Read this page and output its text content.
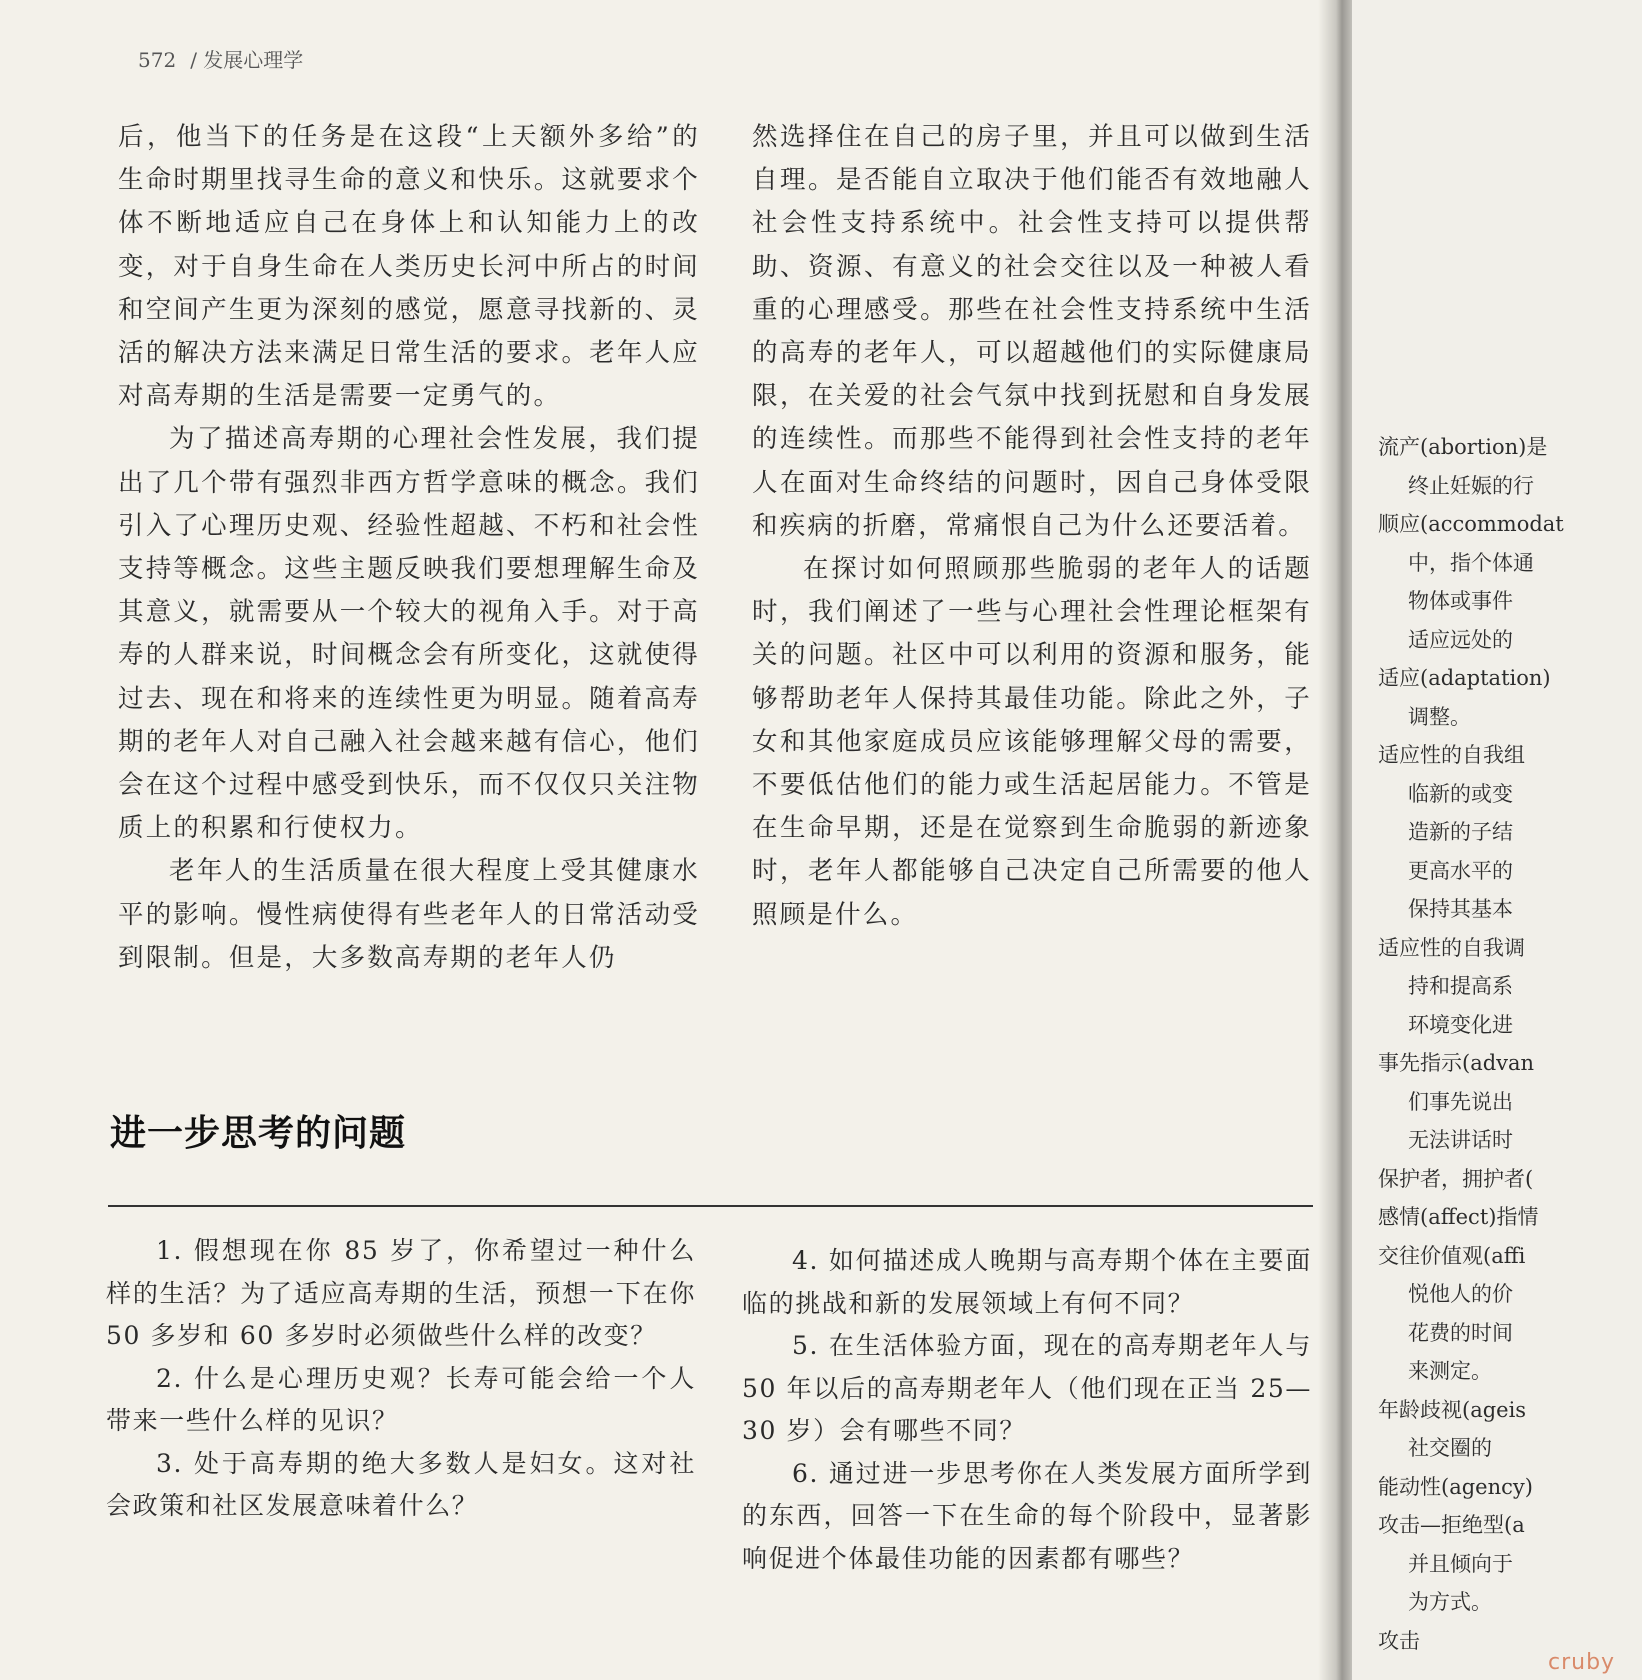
572 / 发展心理学

后，他当下的任务是在这段“上天额外多给”的生命时期里找寻生命的意义和快乐。这就要求个体不断地适应自己在身体上和认知能力上的改变，对于自身生命在人类历史长河中所占的时间和空间产生更为深刻的感觉，愿意寻找新的、灵活的解决方法来满足日常生活的要求。老年人应对高寿期的生活是需要一定勇气的。

为了描述高寿期的心理社会性发展，我们提出了几个带有强烈非西方哲学意味的概念。我们引入了心理历史观、经验性超越、不朽和社会性支持等概念。这些主题反映我们要想理解生命及其意义，就需要从一个较大的视角入手。对于高寿的人群来说，时间概念会有所变化，这就使得过去、现在和将来的连续性更为明显。随着高寿期的老年人对自己融入社会越来越有信心，他们会在这个过程中感受到快乐，而不仅仅只关注物质上的积累和行使权力。

老年人的生活质量在很大程度上受其健康水平的影响。慢性病使得有些老年人的日常活动受到限制。但是，大多数高寿期的老年人仍

然选择住在自己的房子里，并且可以做到生活自理。是否能自立取决于他们能否有效地融人社会性支持系统中。社会性支持可以提供帮助、资源、有意义的社会交往以及一种被人看重的心理感受。那些在社会性支持系统中生活的高寿的老年人，可以超越他们的实际健康局限，在关爱的社会气氛中找到抚慰和自身发展的连续性。而那些不能得到社会性支持的老年人在面对生命终结的问题时，因自己身体受限和疾病的折磨，常痛恨自己为什么还要活着。

在探讨如何照顾那些脆弱的老年人的话题时，我们阐述了一些与心理社会性理论框架有关的问题。社区中可以利用的资源和服务，能够帮助老年人保持其最佳功能。除此之外，子女和其他家庭成员应该能够理解父母的需要，不要低估他们的能力或生活起居能力。不管是在生命早期，还是在觉察到生命脆弱的新迹象时，老年人都能够自己决定自己所需要的他人照顾是什么。

进一步思考的问题

1. 假想现在你 85 岁了，你希望过一种什么样的生活？为了适应高寿期的生活，预想一下在你 50 多岁和 60 多岁时必须做些什么样的改变？

2. 什么是心理历史观？长寿可能会给一个人带来一些什么样的见识？

3. 处于高寿期的绝大多数人是妇女。这对社会政策和社区发展意味着什么？

4. 如何描述成人晚期与高寿期个体在主要面临的挑战和新的发展领域上有何不同？

5. 在生活体验方面，现在的高寿期老年人与 50 年以后的高寿期老年人（他们现在正当 25—30 岁）会有哪些不同？

6. 通过进一步思考你在人类发展方面所学到的东西，回答一下在生命的每个阶段中，显著影响促进个体最佳功能的因素都有哪些？

流产(abortion)是
终止妊娠的行
顺应(accommodat
中，指个体通
物体或事件
适应远处的
适应(adaptation)
调整。
适应性的自我组
临新的或变
造新的子结
更高水平的
保持其基本
适应性的自我调
持和提高系
环境变化进
事先指示(advan
们事先说出
无法讲话时
保护者，拥护者(
感情(affect)指情
交往价值观(affi
悦他人的价
花费的时间
来测定。
年龄歧视(ageis
社交圈的
能动性(agency)
攻击—拒绝型(a
并且倾向于
为方式。
攻击
cruby
